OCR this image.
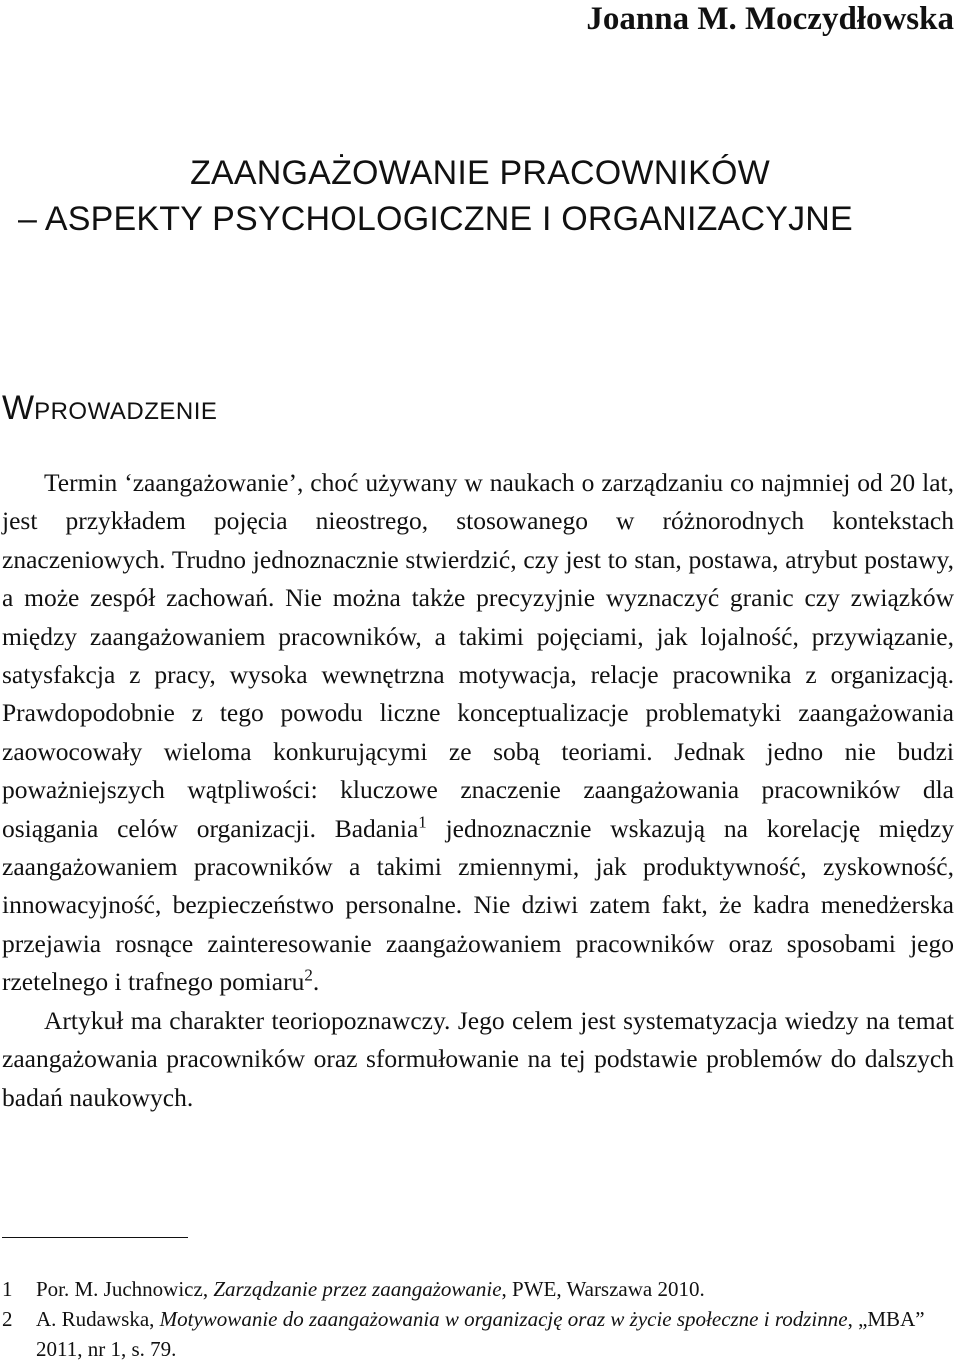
Joanna M. Moczydłowska
ZAANGAŻOWANIE PRACOWNIKÓW
– ASPEKTY PSYCHOLOGICZNE I ORGANIZACYJNE
WPROWADZENIE

Termin ‘zaangażowanie’, choć używany w naukach o zarządzaniu co najmniej od 20 lat, jest przykładem pojęcia nieostrego, stosowanego w różnorodnych kontekstach znaczeniowych. Trudno jednoznacznie stwierdzić, czy jest to stan, postawa, atrybut postawy, a może zespół zachowań. Nie można także precyzyjnie wyznaczyć granic czy związków między zaangażowaniem pracowników, a takimi pojęciami, jak lojalność, przywiązanie, satysfakcja z pracy, wysoka wewnętrzna motywacja, relacje pracownika z organizacją. Prawdopodobnie z tego powodu liczne konceptualizacje problematyki zaangażowania zaowocowały wieloma konkurującymi ze sobą teoriami. Jednak jedno nie budzi poważniejszych wątpliwości: kluczowe znaczenie zaangażowania pracowników dla osiągania celów organizacji. Badania$^1$ jednoznacznie wskazują na korelację między zaangażowaniem pracowników a takimi zmiennymi, jak produktywność, zyskowność, innowacyjność, bezpieczeństwo personalne. Nie dziwi zatem fakt, że kadra menedżerska przejawia rosnące zainteresowanie zaangażowaniem pracowników oraz sposobami jego rzetelnego i trafnego pomiaru$^2$.

Artykuł ma charakter teoriopoznawczy. Jego celem jest systematyzacja wiedzy na temat zaangażowania pracowników oraz sformułowanie na tej podstawie problemów do dalszych badań naukowych.

1	Por. M. Juchnowicz, Zarządzanie przez zaangażowanie, PWE, Warszawa 2010.
2	A. Rudawska, Motywowanie do zaangażowania w organizację oraz w życie społeczne i rodzinne, „MBA” 2011, nr 1, s. 79.
